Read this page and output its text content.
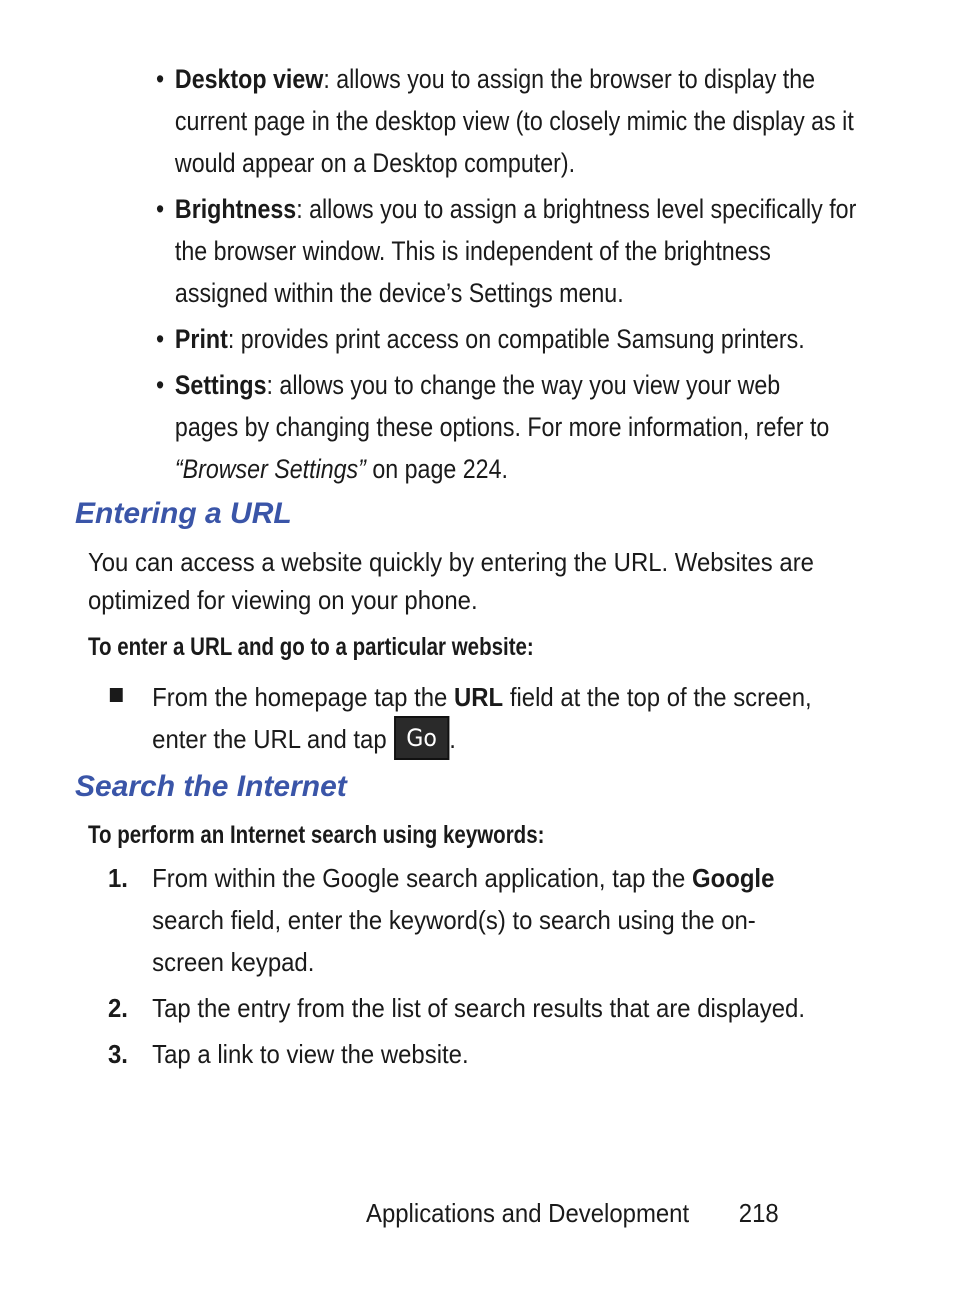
• Desktop view: allows you to assign the browser to display the current page in the desktop view (to closely mimic the display as it would appear on a Desktop computer).
• Brightness: allows you to assign a brightness level specifically for the browser window. This is independent of the brightness assigned within the device’s Settings menu.
• Print: provides print access on compatible Samsung printers.
• Settings: allows you to change the way you view your web pages by changing these options. For more information, refer to “Browser Settings” on page 224.
Entering a URL
You can access a website quickly by entering the URL. Websites are optimized for viewing on your phone.
To enter a URL and go to a particular website:
From the homepage tap the URL field at the top of the screen, enter the URL and tap Go .
Search the Internet
To perform an Internet search using keywords:
1. From within the Google search application, tap the Google search field, enter the keyword(s) to search using the on-screen keypad.
2. Tap the entry from the list of search results that are displayed.
3. Tap a link to view the website.
Applications and Development 218
